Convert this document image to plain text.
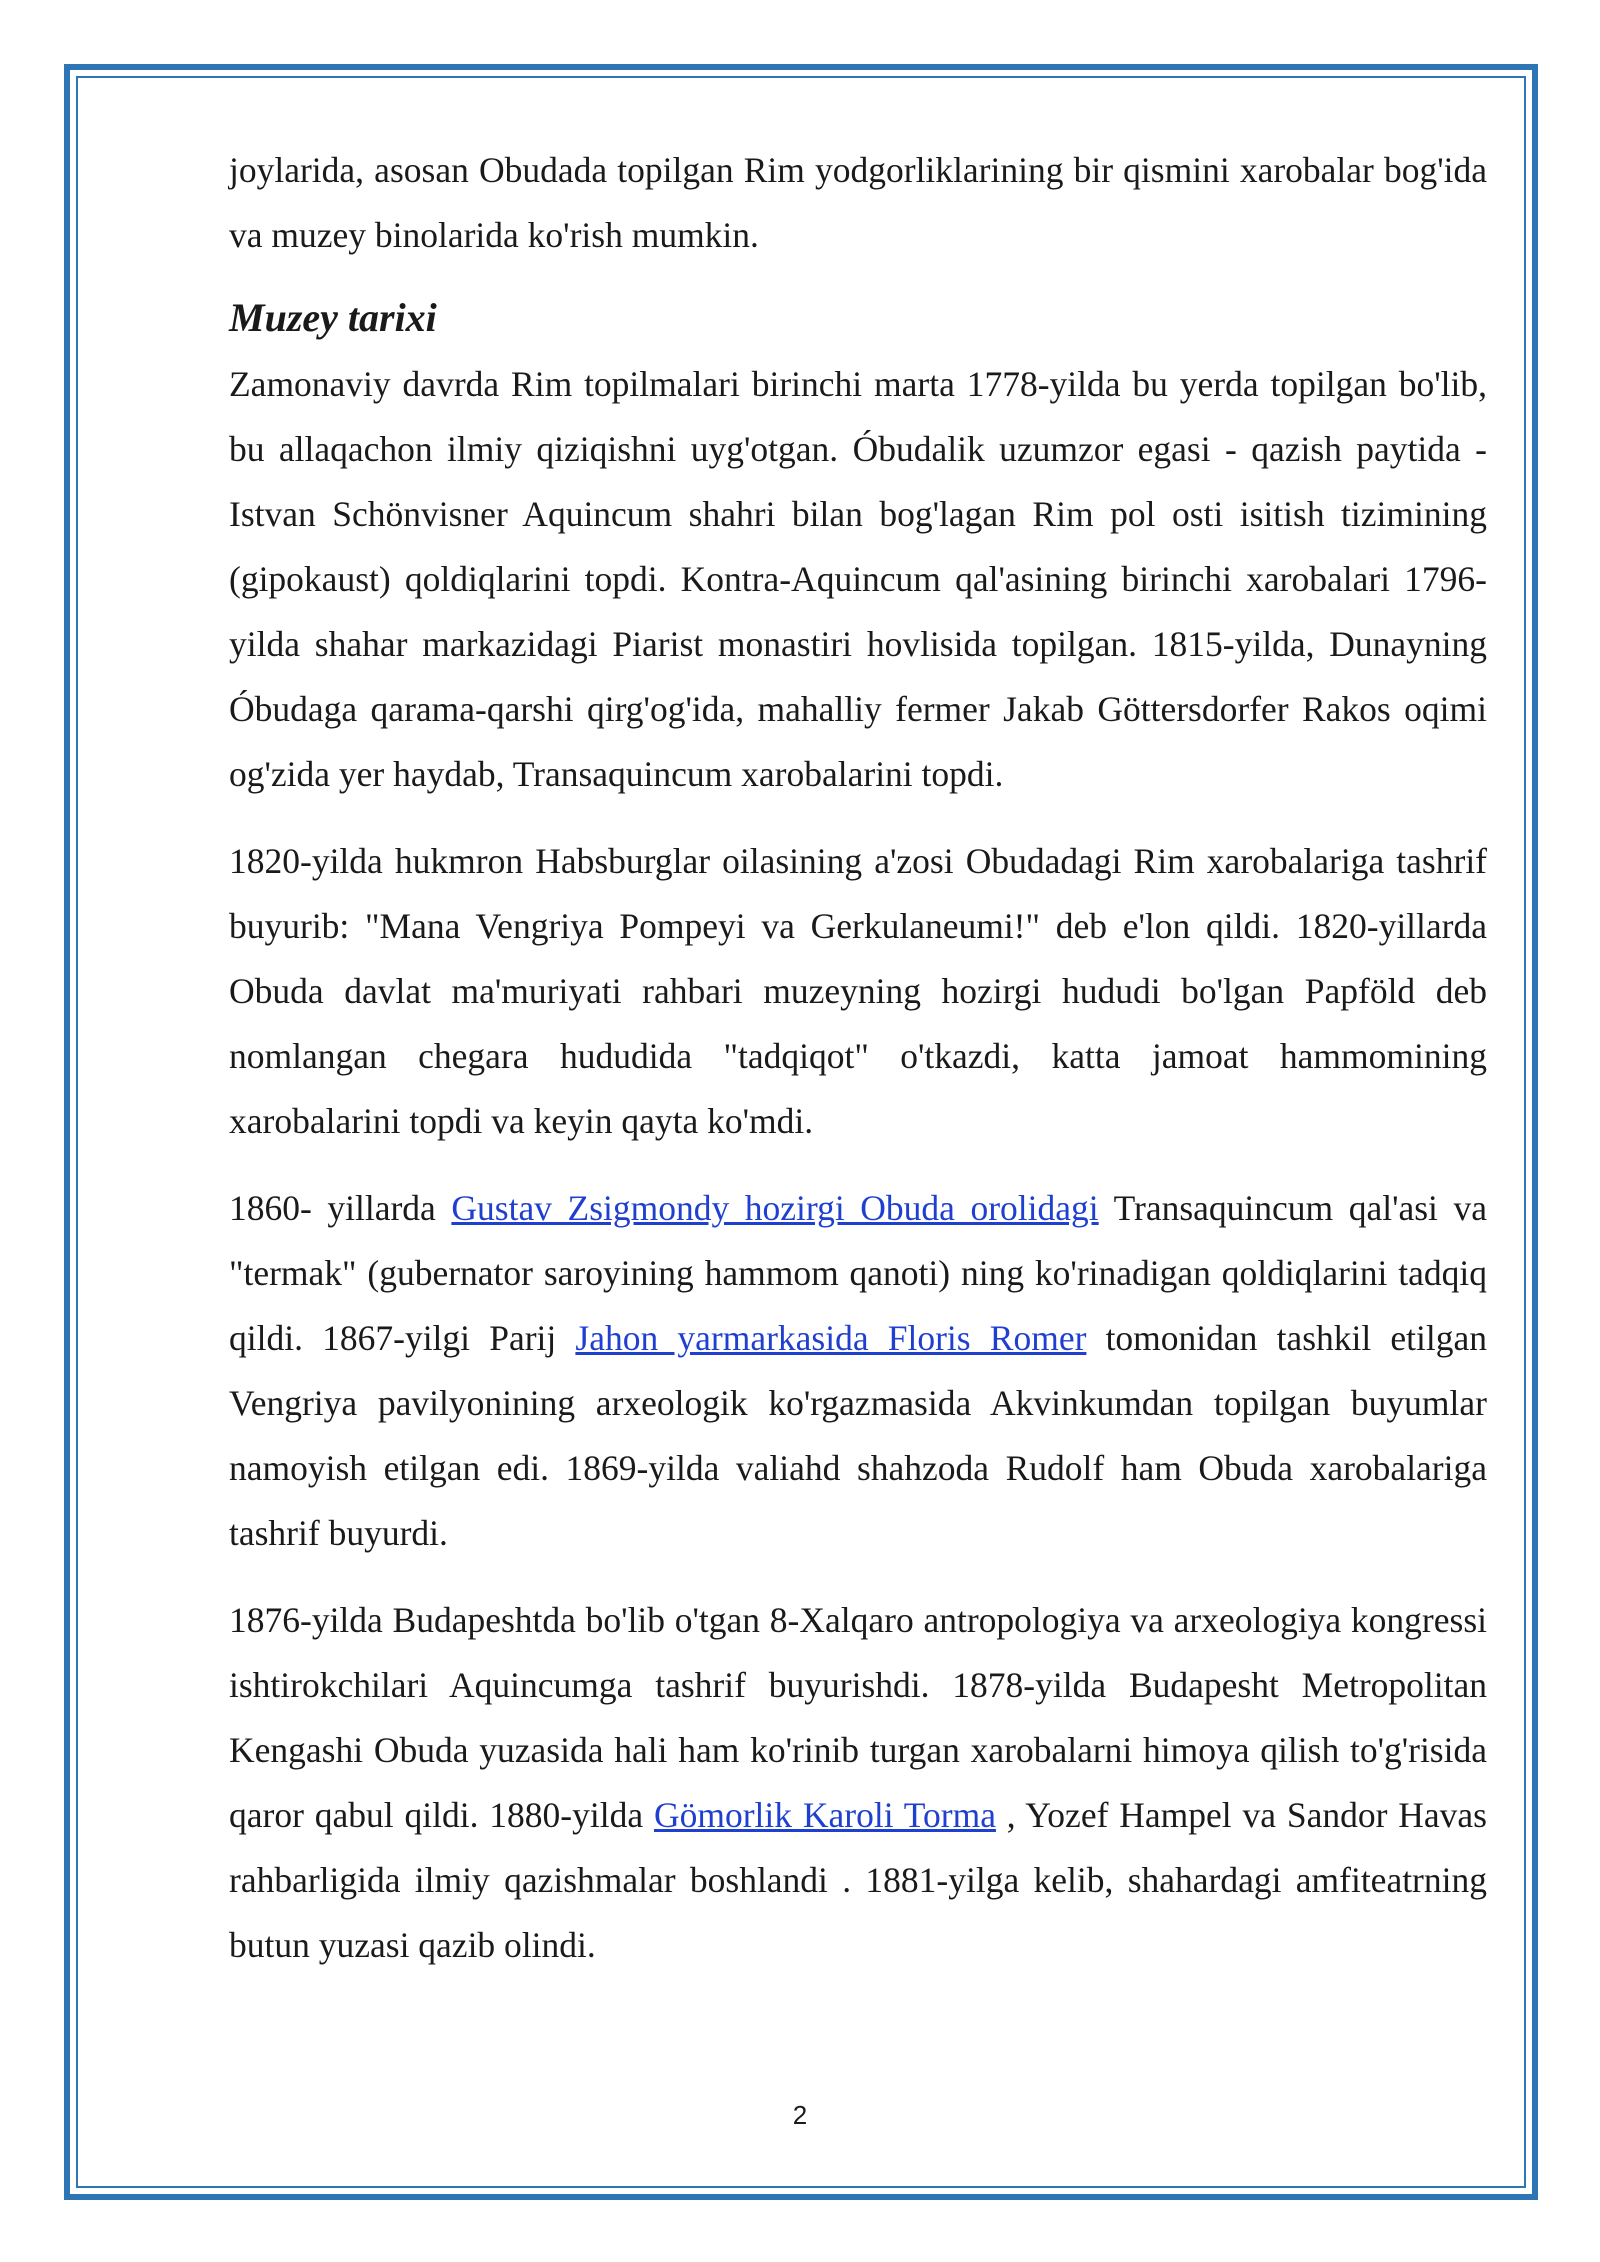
joylarida, asosan Obudada topilgan Rim yodgorliklarining bir qismini xarobalar bog'ida va muzey binolarida ko'rish mumkin.

Muzey tarixi

Zamonaviy davrda Rim topilmalari birinchi marta 1778-yilda bu yerda topilgan bo'lib, bu allaqachon ilmiy qiziqishni uyg'otgan. Óbudalik uzumzor egasi - qazish paytida - Istvan Schönvisner Aquincum shahri bilan bog'lagan Rim pol osti isitish tizimining (gipokaust) qoldiqlarini topdi. Kontra-Aquincum qal'asining birinchi xarobalari 1796-yilda shahar markazidagi Piarist monastiri hovlisida topilgan. 1815-yilda, Dunayning Óbudaga qarama-qarshi qirg'og'ida, mahalliy fermer Jakab Göttersdorfer Rakos oqimi og'zida yer haydab, Transaquincum xarobalarini topdi.

1820-yilda hukmron Habsburglar oilasining a'zosi Obudadagi Rim xarobalariga tashrif buyurib: "Mana Vengriya Pompeyi va Gerkulaneumi!" deb e'lon qildi. 1820-yillarda Obuda davlat ma'muriyati rahbari muzeyning hozirgi hududi bo'lgan Papföld deb nomlangan chegara hududida "tadqiqot" o'tkazdi, katta jamoat hammomining xarobalarini topdi va keyin qayta ko'mdi.

1860- yillarda Gustav Zsigmondy hozirgi Obuda orolidagi Transaquincum qal'asi va "termak" (gubernator saroyining hammom qanoti) ning ko'rinadigan qoldiqlarini tadqiq qildi. 1867-yilgi Parij Jahon yarmarkasida Floris Romer tomonidan tashkil etilgan Vengriya pavilyonining arxeologik ko'rgazmasida Akvinkumdan topilgan buyumlar namoyish etilgan edi. 1869-yilda valiahd shahzoda Rudolf ham Obuda xarobalariga tashrif buyurdi.

1876-yilda Budapeshtda bo'lib o'tgan 8-Xalqaro antropologiya va arxeologiya kongressi ishtirokchilari Aquincumga tashrif buyurishdi. 1878-yilda Budapesht Metropolitan Kengashi Obuda yuzasida hali ham ko'rinib turgan xarobalarni himoya qilish to'g'risida qaror qabul qildi. 1880-yilda Gömorlik Karoli Torma , Yozef Hampel va Sandor Havas rahbarligida ilmiy qazishmalar boshlandi . 1881-yilga kelib, shahardagi amfiteatrning butun yuzasi qazib olindi.

2
